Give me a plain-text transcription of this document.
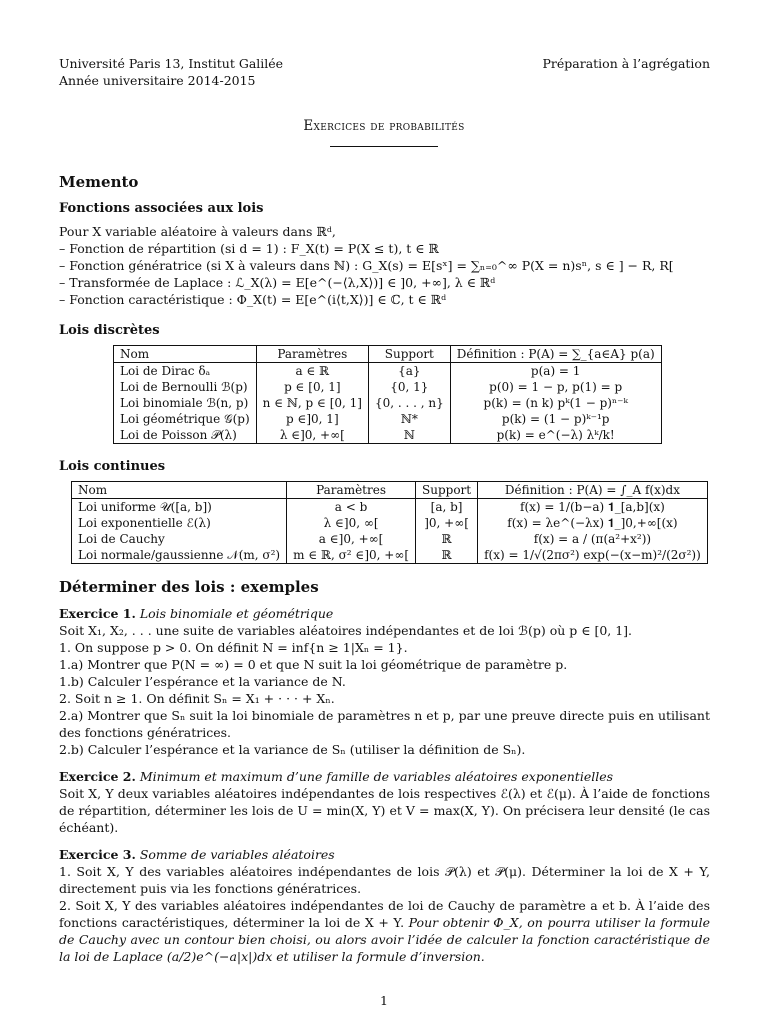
Université Paris 13, Institut Galilée
Année universitaire 2014-2015
Préparation à l’agrégation
Exercices de probabilités
Memento
Fonctions associées aux lois

Pour X variable aléatoire à valeurs dans ℝᵈ,

– Fonction de répartition (si d = 1) : F_X(t) = P(X ≤ t), t ∈ ℝ

– Fonction génératrice (si X à valeurs dans ℕ) : G_X(s) = E[sˣ] = ∑ₙ₌₀^∞ P(X = n)sⁿ, s ∈ ] − R, R[

– Transformée de Laplace : ℒ_X(λ) = E[e^(−⟨λ,X⟩)] ∈ ]0, +∞], λ ∈ ℝᵈ

– Fonction caractéristique : Φ_X(t) = E[e^(i⟨t,X⟩)] ∈ ℂ, t ∈ ℝᵈ

Lois discrètes
Nom	Paramètres	Support	Définition : P(A) = ∑_{a∈A} p(a)
Loi de Dirac δₐ	a ∈ ℝ	{a}	p(a) = 1
Loi de Bernoulli ℬ(p)	p ∈ [0, 1]	{0, 1}	p(0) = 1 − p, p(1) = p
Loi binomiale ℬ(n, p)	n ∈ ℕ, p ∈ [0, 1]	{0, . . . , n}	p(k) = (n k) pᵏ(1 − p)ⁿ⁻ᵏ
Loi géométrique 𝒢(p)	p ∈]0, 1]	ℕ*	p(k) = (1 − p)ᵏ⁻¹p
Loi de Poisson 𝒫(λ)	λ ∈]0, +∞[	ℕ	p(k) = e^(−λ) λᵏ/k!
Lois continues
Nom	Paramètres	Support	Définition : P(A) = ∫_A f(x)dx
Loi uniforme 𝒰([a, b])	a < b	[a, b]	f(x) = 1/(b−a) 𝟏_[a,b](x)
Loi exponentielle ℰ(λ)	λ ∈]0, ∞[	]0, +∞[	f(x) = λe^(−λx) 𝟏_]0,+∞[(x)
Loi de Cauchy	a ∈]0, +∞[	ℝ	f(x) = a / (π(a²+x²))
Loi normale/gaussienne 𝒩(m, σ²)	m ∈ ℝ, σ² ∈]0, +∞[	ℝ	f(x) = 1/√(2πσ²) exp(−(x−m)²/(2σ²))
Déterminer des lois : exemples

Exercice 1. Lois binomiale et géométrique

Soit X₁, X₂, . . . une suite de variables aléatoires indépendantes et de loi ℬ(p) où p ∈ [0, 1].

1. On suppose p > 0. On définit N = inf{n ≥ 1|Xₙ = 1}.

1.a) Montrer que P(N = ∞) = 0 et que N suit la loi géométrique de paramètre p.

1.b) Calculer l’espérance et la variance de N.

2. Soit n ≥ 1. On définit Sₙ = X₁ + · · · + Xₙ.

2.a) Montrer que Sₙ suit la loi binomiale de paramètres n et p, par une preuve directe puis en utilisant des fonctions génératrices.

2.b) Calculer l’espérance et la variance de Sₙ (utiliser la définition de Sₙ).

Exercice 2. Minimum et maximum d’une famille de variables aléatoires exponentielles

Soit X, Y deux variables aléatoires indépendantes de lois respectives ℰ(λ) et ℰ(μ). À l’aide de fonctions de répartition, déterminer les lois de U = min(X, Y) et V = max(X, Y). On précisera leur densité (le cas échéant).

Exercice 3. Somme de variables aléatoires

1. Soit X, Y des variables aléatoires indépendantes de lois 𝒫(λ) et 𝒫(μ). Déterminer la loi de X + Y, directement puis via les fonctions génératrices.

2. Soit X, Y des variables aléatoires indépendantes de loi de Cauchy de paramètre a et b. À l’aide des fonctions caractéristiques, déterminer la loi de X + Y. Pour obtenir Φ_X, on pourra utiliser la formule de Cauchy avec un contour bien choisi, ou alors avoir l’idée de calculer la fonction caractéristique de la loi de Laplace (a/2)e^(−a|x|)dx et utiliser la formule d’inversion.

1
